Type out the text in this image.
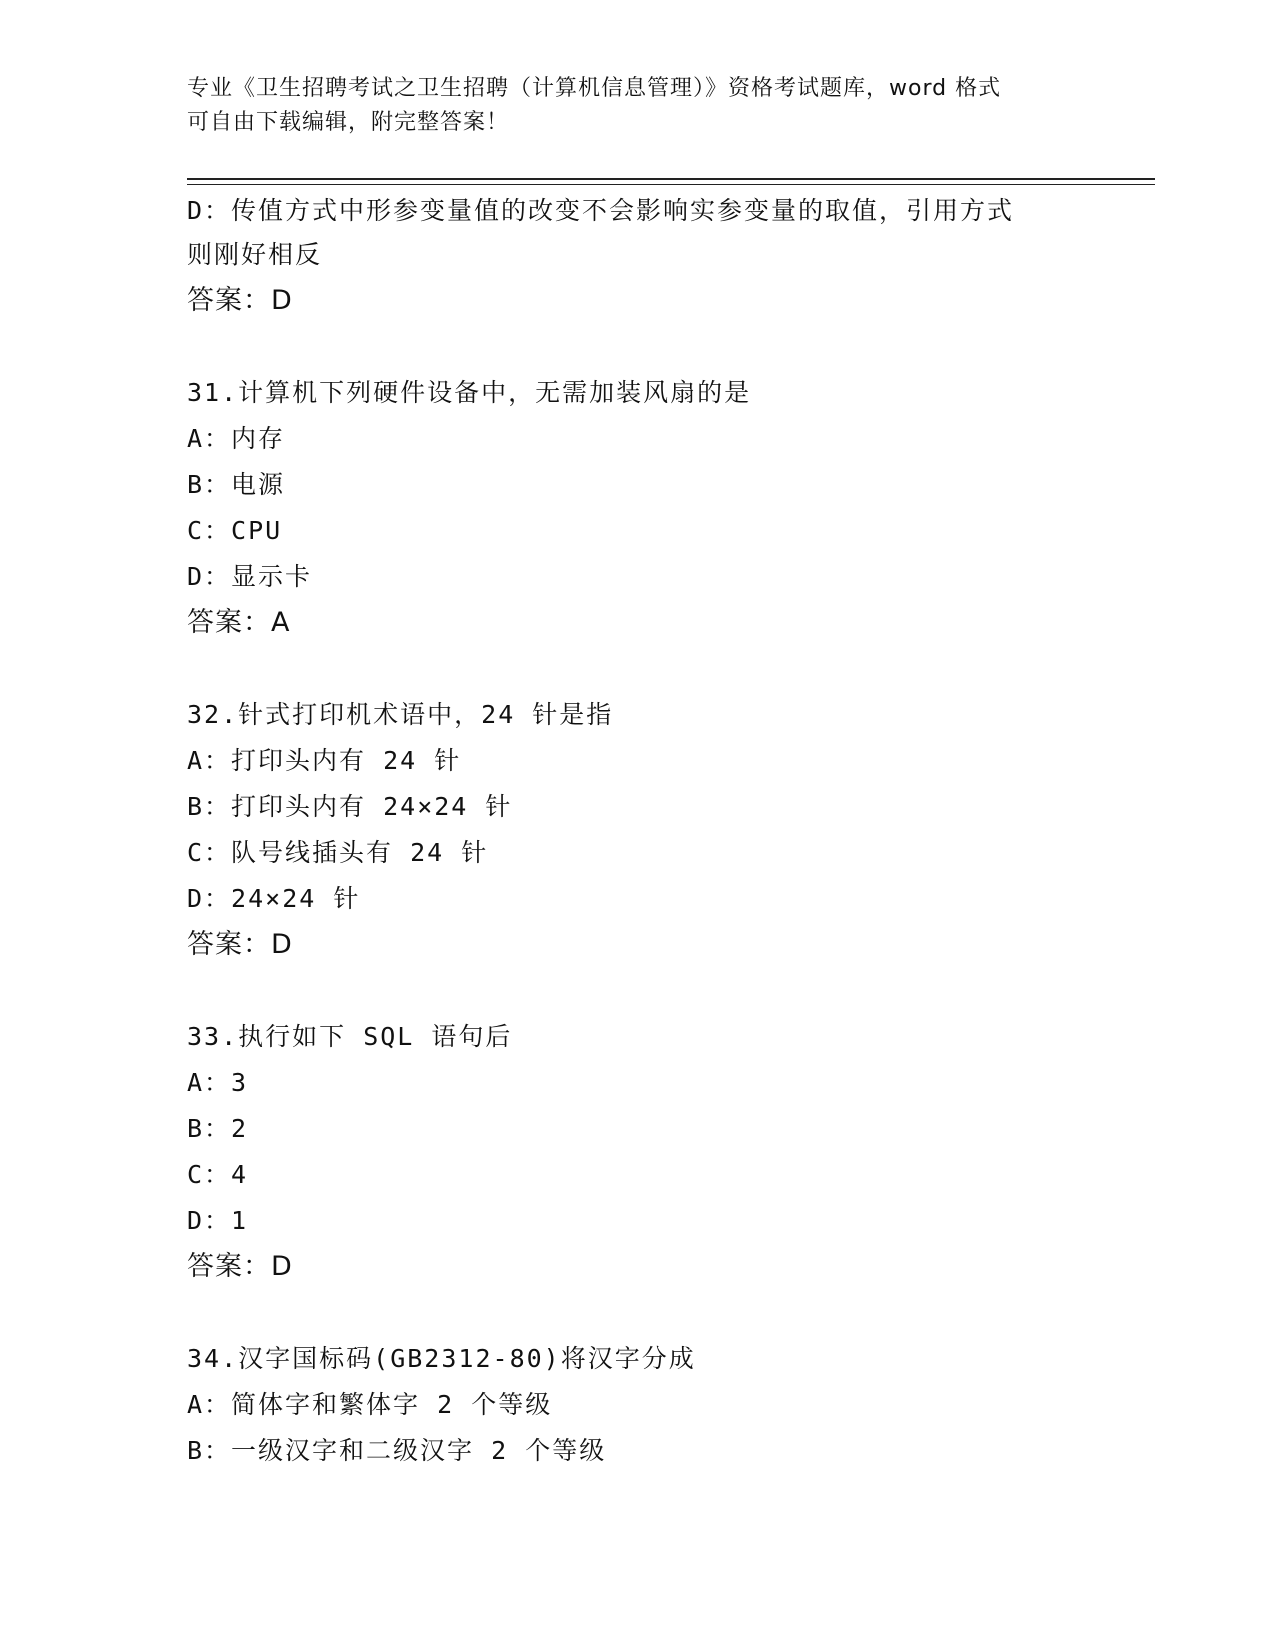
专业《卫生招聘考试之卫生招聘（计算机信息管理）》资格考试题库，word 格式
可自由下载编辑，附完整答案！
D：传值方式中形参变量值的改变不会影响实参变量的取值，引用方式
则刚好相反
答案：D
31.计算机下列硬件设备中，无需加装风扇的是
A：内存
B：电源
C：CPU
D：显示卡
答案：A
32.针式打印机术语中，24 针是指
A：打印头内有 24 针
B：打印头内有 24×24 针
C：队号线插头有 24 针
D：24×24 针
答案：D
33.执行如下 SQL 语句后
A：3
B：2
C：4
D：1
答案：D
34.汉字国标码(GB2312-80)将汉字分成
A：简体字和繁体字 2 个等级
B：一级汉字和二级汉字 2 个等级
